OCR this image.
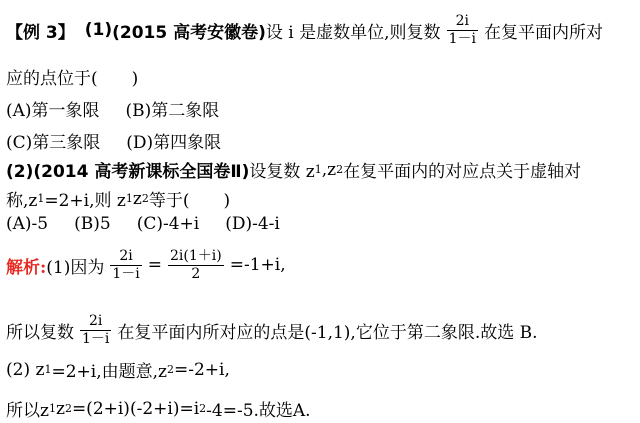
【例 3】 (1) (2015 高考安徽卷) 设 i 是虚数单位,则复数 $\frac{2i}{1-i}$ 在复平面内所对
应的点位于(　　)
(A)第一象限 (B)第二象限
(C)第三象限 (D)第四象限
(2)(2014 高考新课标全国卷Ⅱ) 设复数 z 1 ,z 2 在复平面内的对应点关于虚轴对
称,z 1 =2+i,则 z 1 z 2 等于(　　)
(A)-5 (B)5 (C)-4+i (D)-4-i
解析: (1)因为 $\frac{2i}{1-i} = \frac{2i(1+i)}{2} =-1+i$,
所以复数 $\frac{2i}{1-i}$ 在复平面内所对应的点是(-1,1),它位于第二象限.故选 B.
(2) z 1 =2+i,由题意,z 2 =-2+i,
所以z 1 z 2 =(2+i)(-2+i)=i 2 -4=-5.故选A.
